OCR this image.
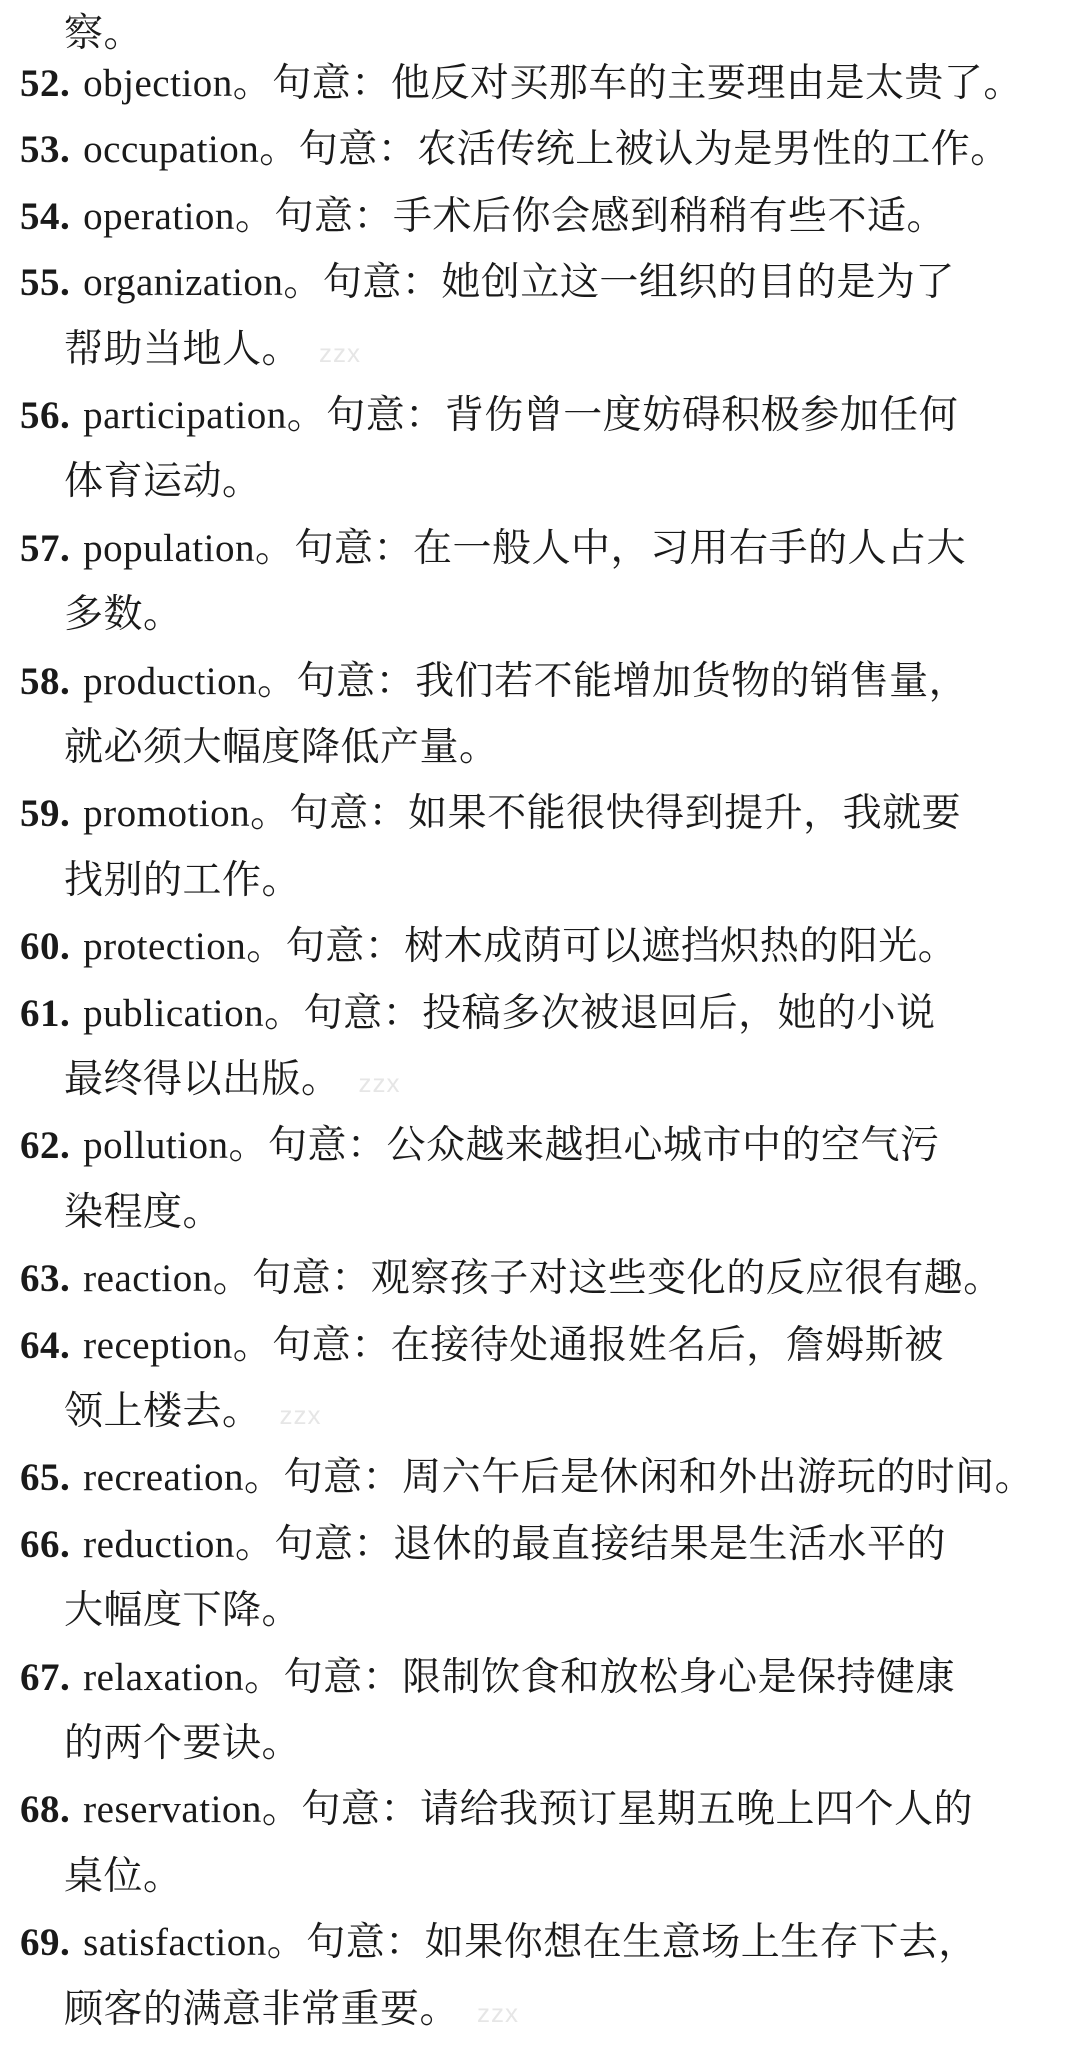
察。
52. objection。句意：他反对买那车的主要理由是太贵了。
53. occupation。句意：农活传统上被认为是男性的工作。
54. operation。句意：手术后你会感到稍稍有些不适。
55. organization。句意：她创立这一组织的目的是为了
帮助当地人。 zzx
56. participation。句意：背伤曾一度妨碍积极参加任何
体育运动。
57. population。句意：在一般人中，习用右手的人占大
多数。
58. production。句意：我们若不能增加货物的销售量，
就必须大幅度降低产量。
59. promotion。句意：如果不能很快得到提升，我就要
找别的工作。
60. protection。句意：树木成荫可以遮挡炽热的阳光。
61. publication。句意：投稿多次被退回后，她的小说
最终得以出版。 zzx
62. pollution。句意：公众越来越担心城市中的空气污
染程度。
63. reaction。句意：观察孩子对这些变化的反应很有趣。
64. reception。句意：在接待处通报姓名后，詹姆斯被
领上楼去。 zzx
65. recreation。句意：周六午后是休闲和外出游玩的时间。
66. reduction。句意：退休的最直接结果是生活水平的
大幅度下降。
67. relaxation。句意：限制饮食和放松身心是保持健康
的两个要诀。
68. reservation。句意：请给我预订星期五晚上四个人的
桌位。
69. satisfaction。句意：如果你想在生意场上生存下去，
顾客的满意非常重要。 zzx
